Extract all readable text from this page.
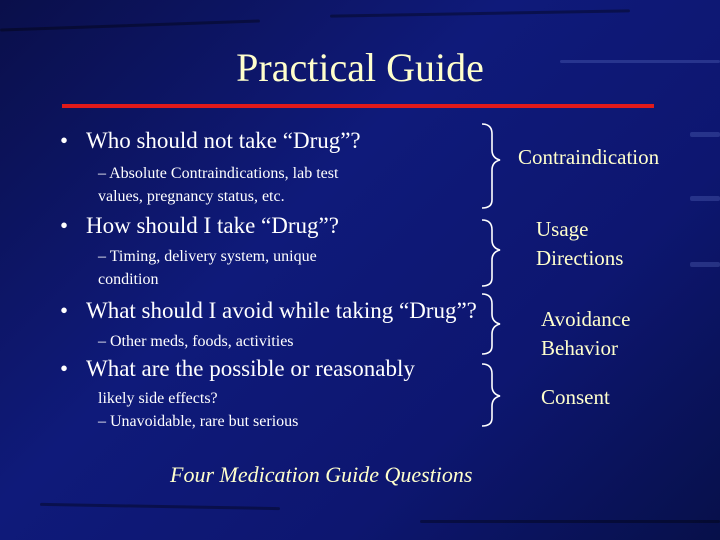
Practical Guide
• Who should not take “Drug”?
– Absolute Contraindications, lab test
values, pregnancy status, etc.
• How should I take “Drug”?
– Timing, delivery system, unique
condition
• What should I avoid while taking “Drug”?
– Other meds, foods, activities
• What are the possible or reasonably
likely side effects?
– Unavoidable, rare but serious
Contraindication
Usage
Directions
Avoidance
Behavior
Consent
Four Medication Guide Questions
